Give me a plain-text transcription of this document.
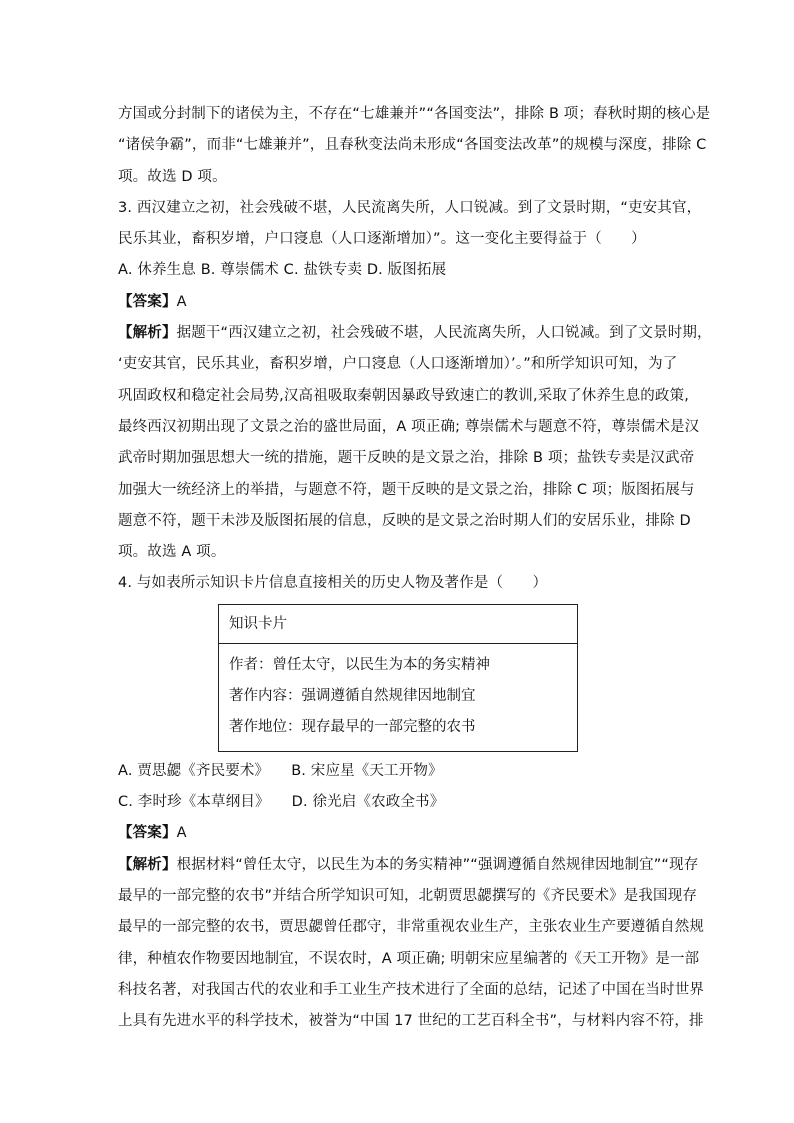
方国或分封制下的诸侯为主，不存在“七雄兼并”“各国变法”，排除 B 项；春秋时期的核心是
“诸侯争霸”，而非“七雄兼并”，且春秋变法尚未形成“各国变法改革”的规模与深度，排除 C
项。故选 D 项。
3. 西汉建立之初，社会残破不堪，人民流离失所，人口锐减。到了文景时期，“吏安其官，
民乐其业，畜积岁增，户口寖息（人口逐渐增加）”。这一变化主要得益于（　　）
A. 休养生息 B. 尊崇儒术 C. 盐铁专卖 D. 版图拓展
【答案】A
【解析】据题干“西汉建立之初，社会残破不堪，人民流离失所，人口锐减。到了文景时期，
‘吏安其官，民乐其业，畜积岁增，户口寖息（人口逐渐增加）’。”和所学知识可知，为了
巩固政权和稳定社会局势,汉高祖吸取秦朝因暴政导致速亡的教训,采取了休养生息的政策,
最终西汉初期出现了文景之治的盛世局面，A 项正确; 尊崇儒术与题意不符，尊崇儒术是汉
武帝时期加强思想大一统的措施，题干反映的是文景之治，排除 B 项；盐铁专卖是汉武帝
加强大一统经济上的举措，与题意不符，题干反映的是文景之治，排除 C 项；版图拓展与
题意不符，题干未涉及版图拓展的信息，反映的是文景之治时期人们的安居乐业，排除 D
项。故选 A 项。
4. 与如表所示知识卡片信息直接相关的历史人物及著作是（　　）
知识卡片
作者：曾任太守，以民生为本的务实精神
著作内容：强调遵循自然规律因地制宜
著作地位：现存最早的一部完整的农书
A. 贾思勰《齐民要术》 B. 宋应星《天工开物》
C. 李时珍《本草纲目》 D. 徐光启《农政全书》
【答案】A
【解析】根据材料“曾任太守，以民生为本的务实精神”“强调遵循自然规律因地制宜”“现存
最早的一部完整的农书”并结合所学知识可知，北朝贾思勰撰写的《齐民要术》是我国现存
最早的一部完整的农书，贾思勰曾任郡守，非常重视农业生产，主张农业生产要遵循自然规
律，种植农作物要因地制宜，不误农时，A 项正确; 明朝宋应星编著的《天工开物》是一部
科技名著，对我国古代的农业和手工业生产技术进行了全面的总结，记述了中国在当时世界
上具有先进水平的科学技术，被誉为“中国 17 世纪的工艺百科全书”，与材料内容不符，排
